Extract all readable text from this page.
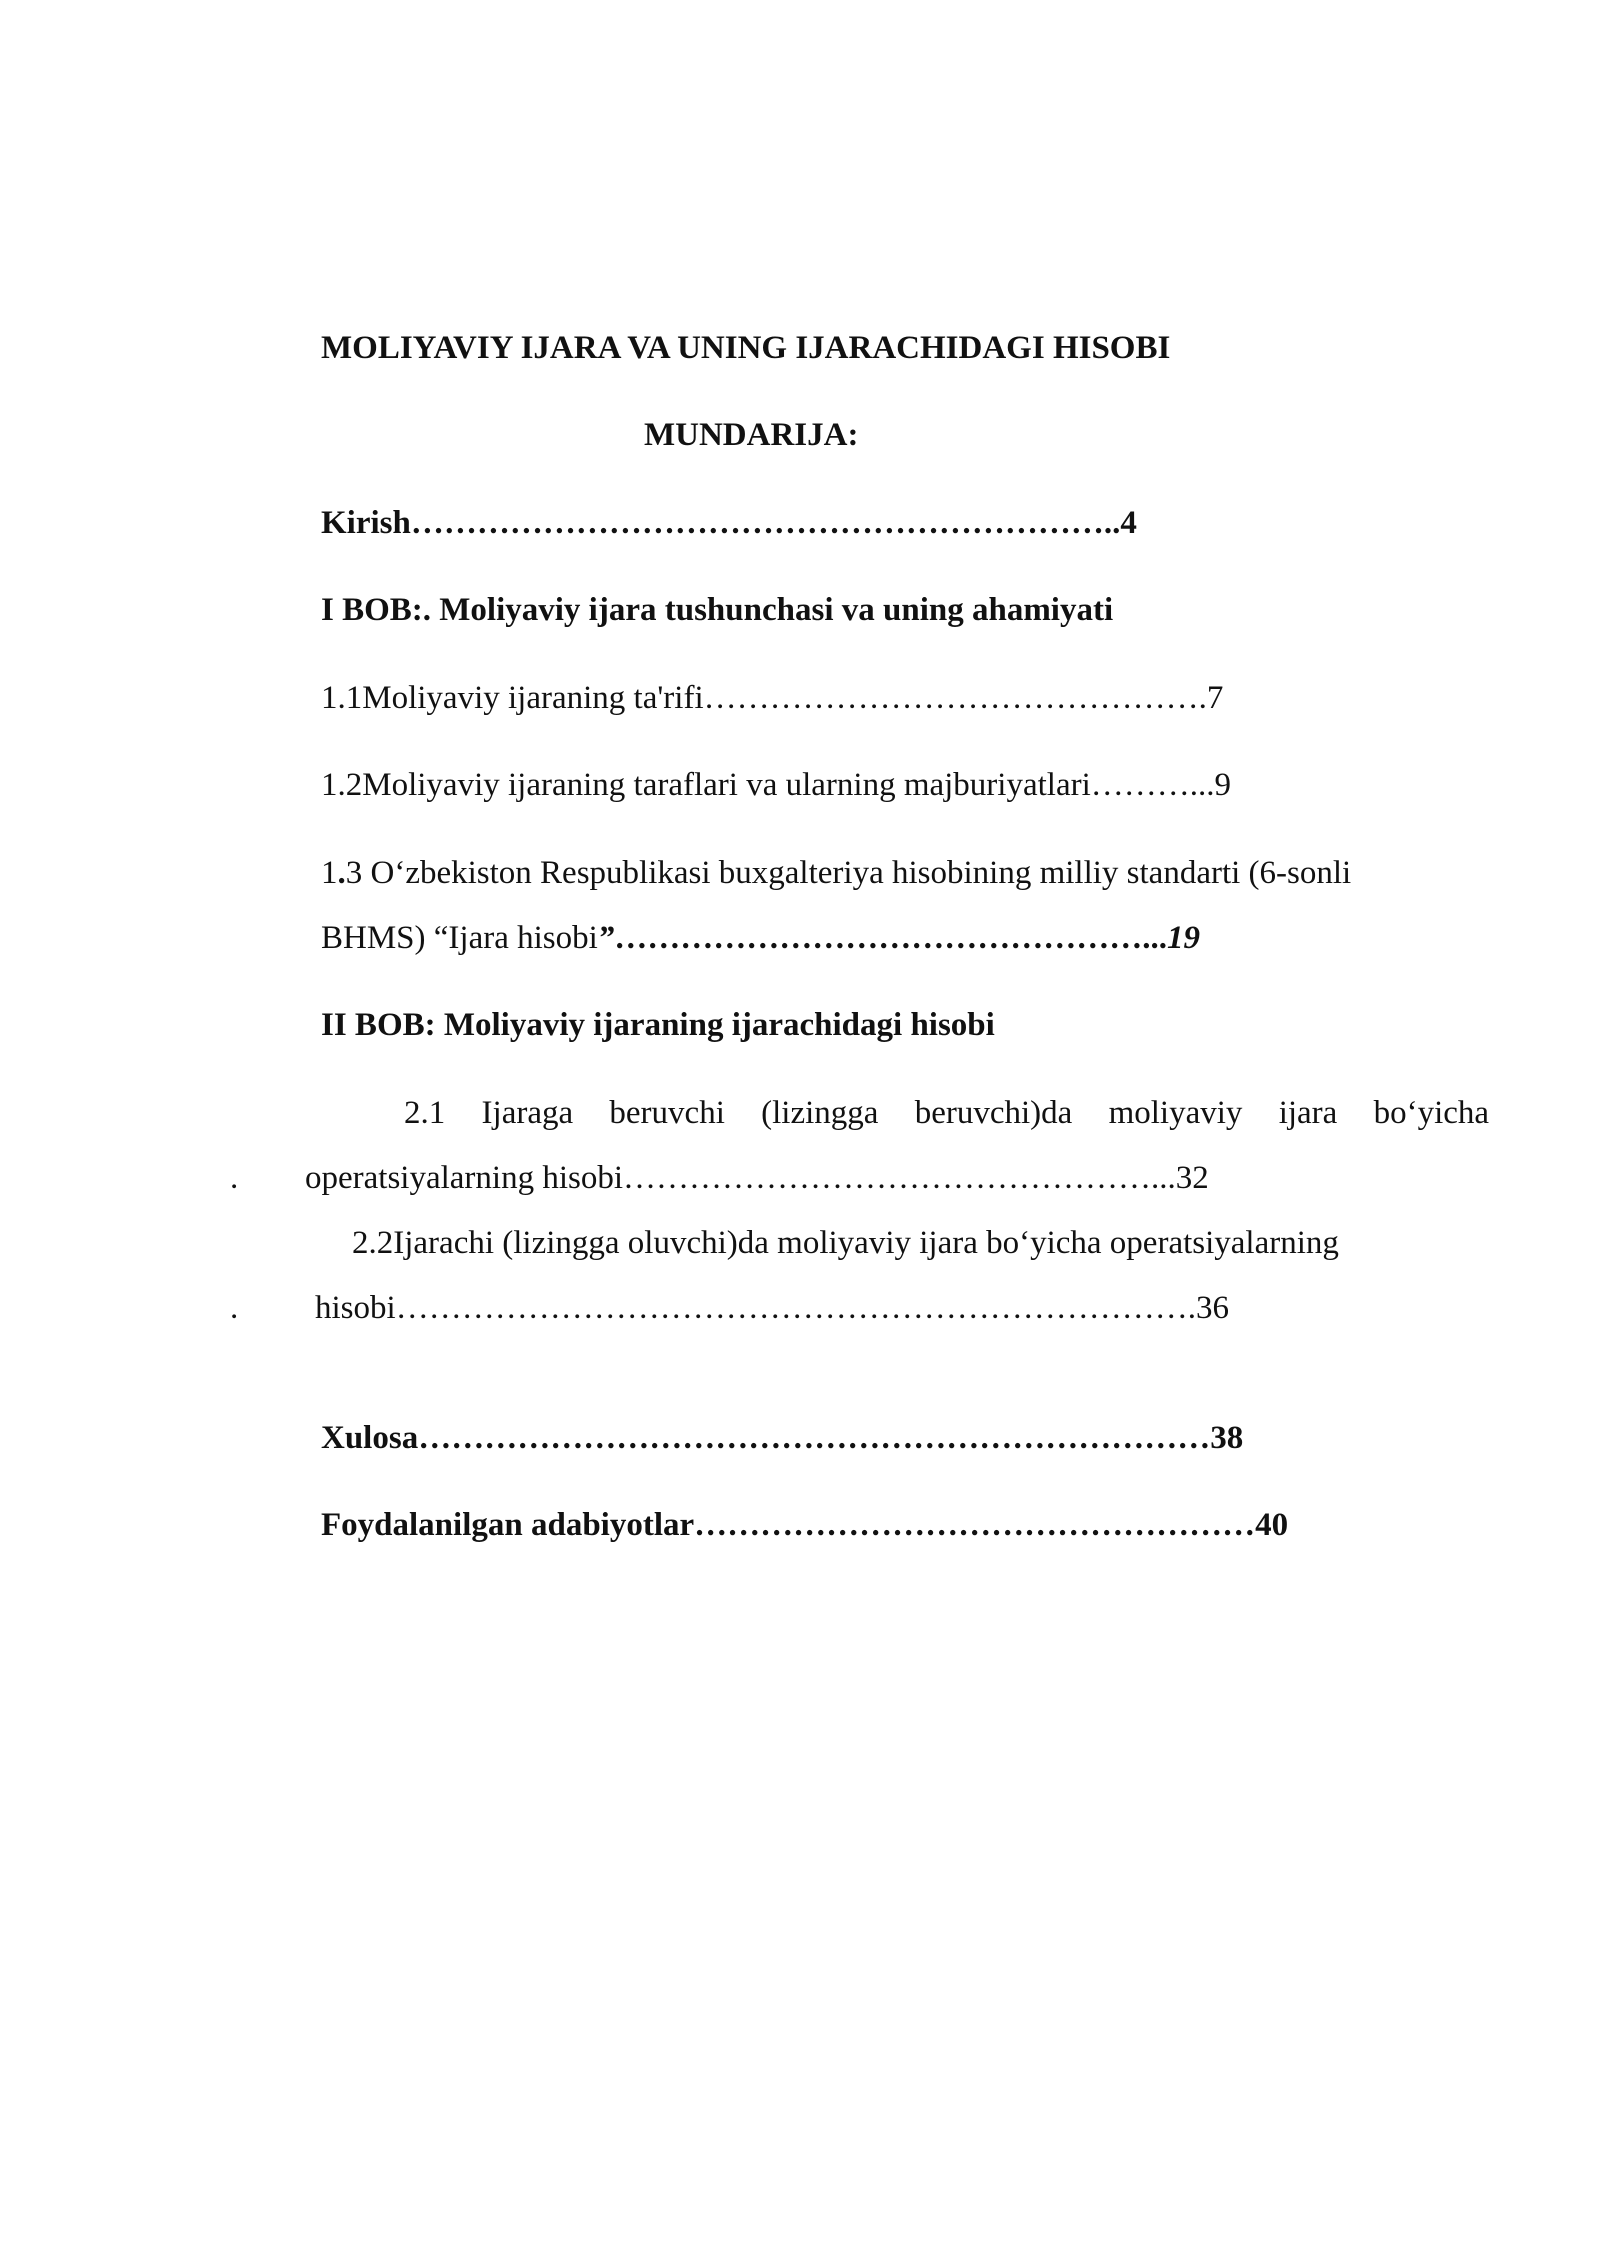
MOLIYAVIY IJARA VA UNING IJARACHIDAGI HISOBI
MUNDARIJA:
Kirish………………………………………………………..4
I BOB:. Moliyaviy ijara tushunchasi va uning ahamiyati
1.1Moliyaviy ijaraning ta'rifi……………………………………….7
1.2Moliyaviy ijaraning taraflari va ularning majburiyatlari………...9
1.3 O‘zbekiston Respublikasi buxgalteriya hisobining milliy standarti (6-sonli
BHMS) “Ijara hisobi”…………………………………………...19
II BOB: Moliyaviy ijaraning ijarachidagi hisobi
2.1 Ijaraga beruvchi (lizingga beruvchi)da moliyaviy ijara bo‘yicha
. operatsiyalarning hisobi…………………………………………...32
2.2Ijarachi (lizingga oluvchi)da moliyaviy ijara bo‘yicha operatsiyalarning
. hisobi……………………………………………………………….36
Xulosa………………………………………………………………38
Foydalanilgan adabiyotlar……………………………………………40
